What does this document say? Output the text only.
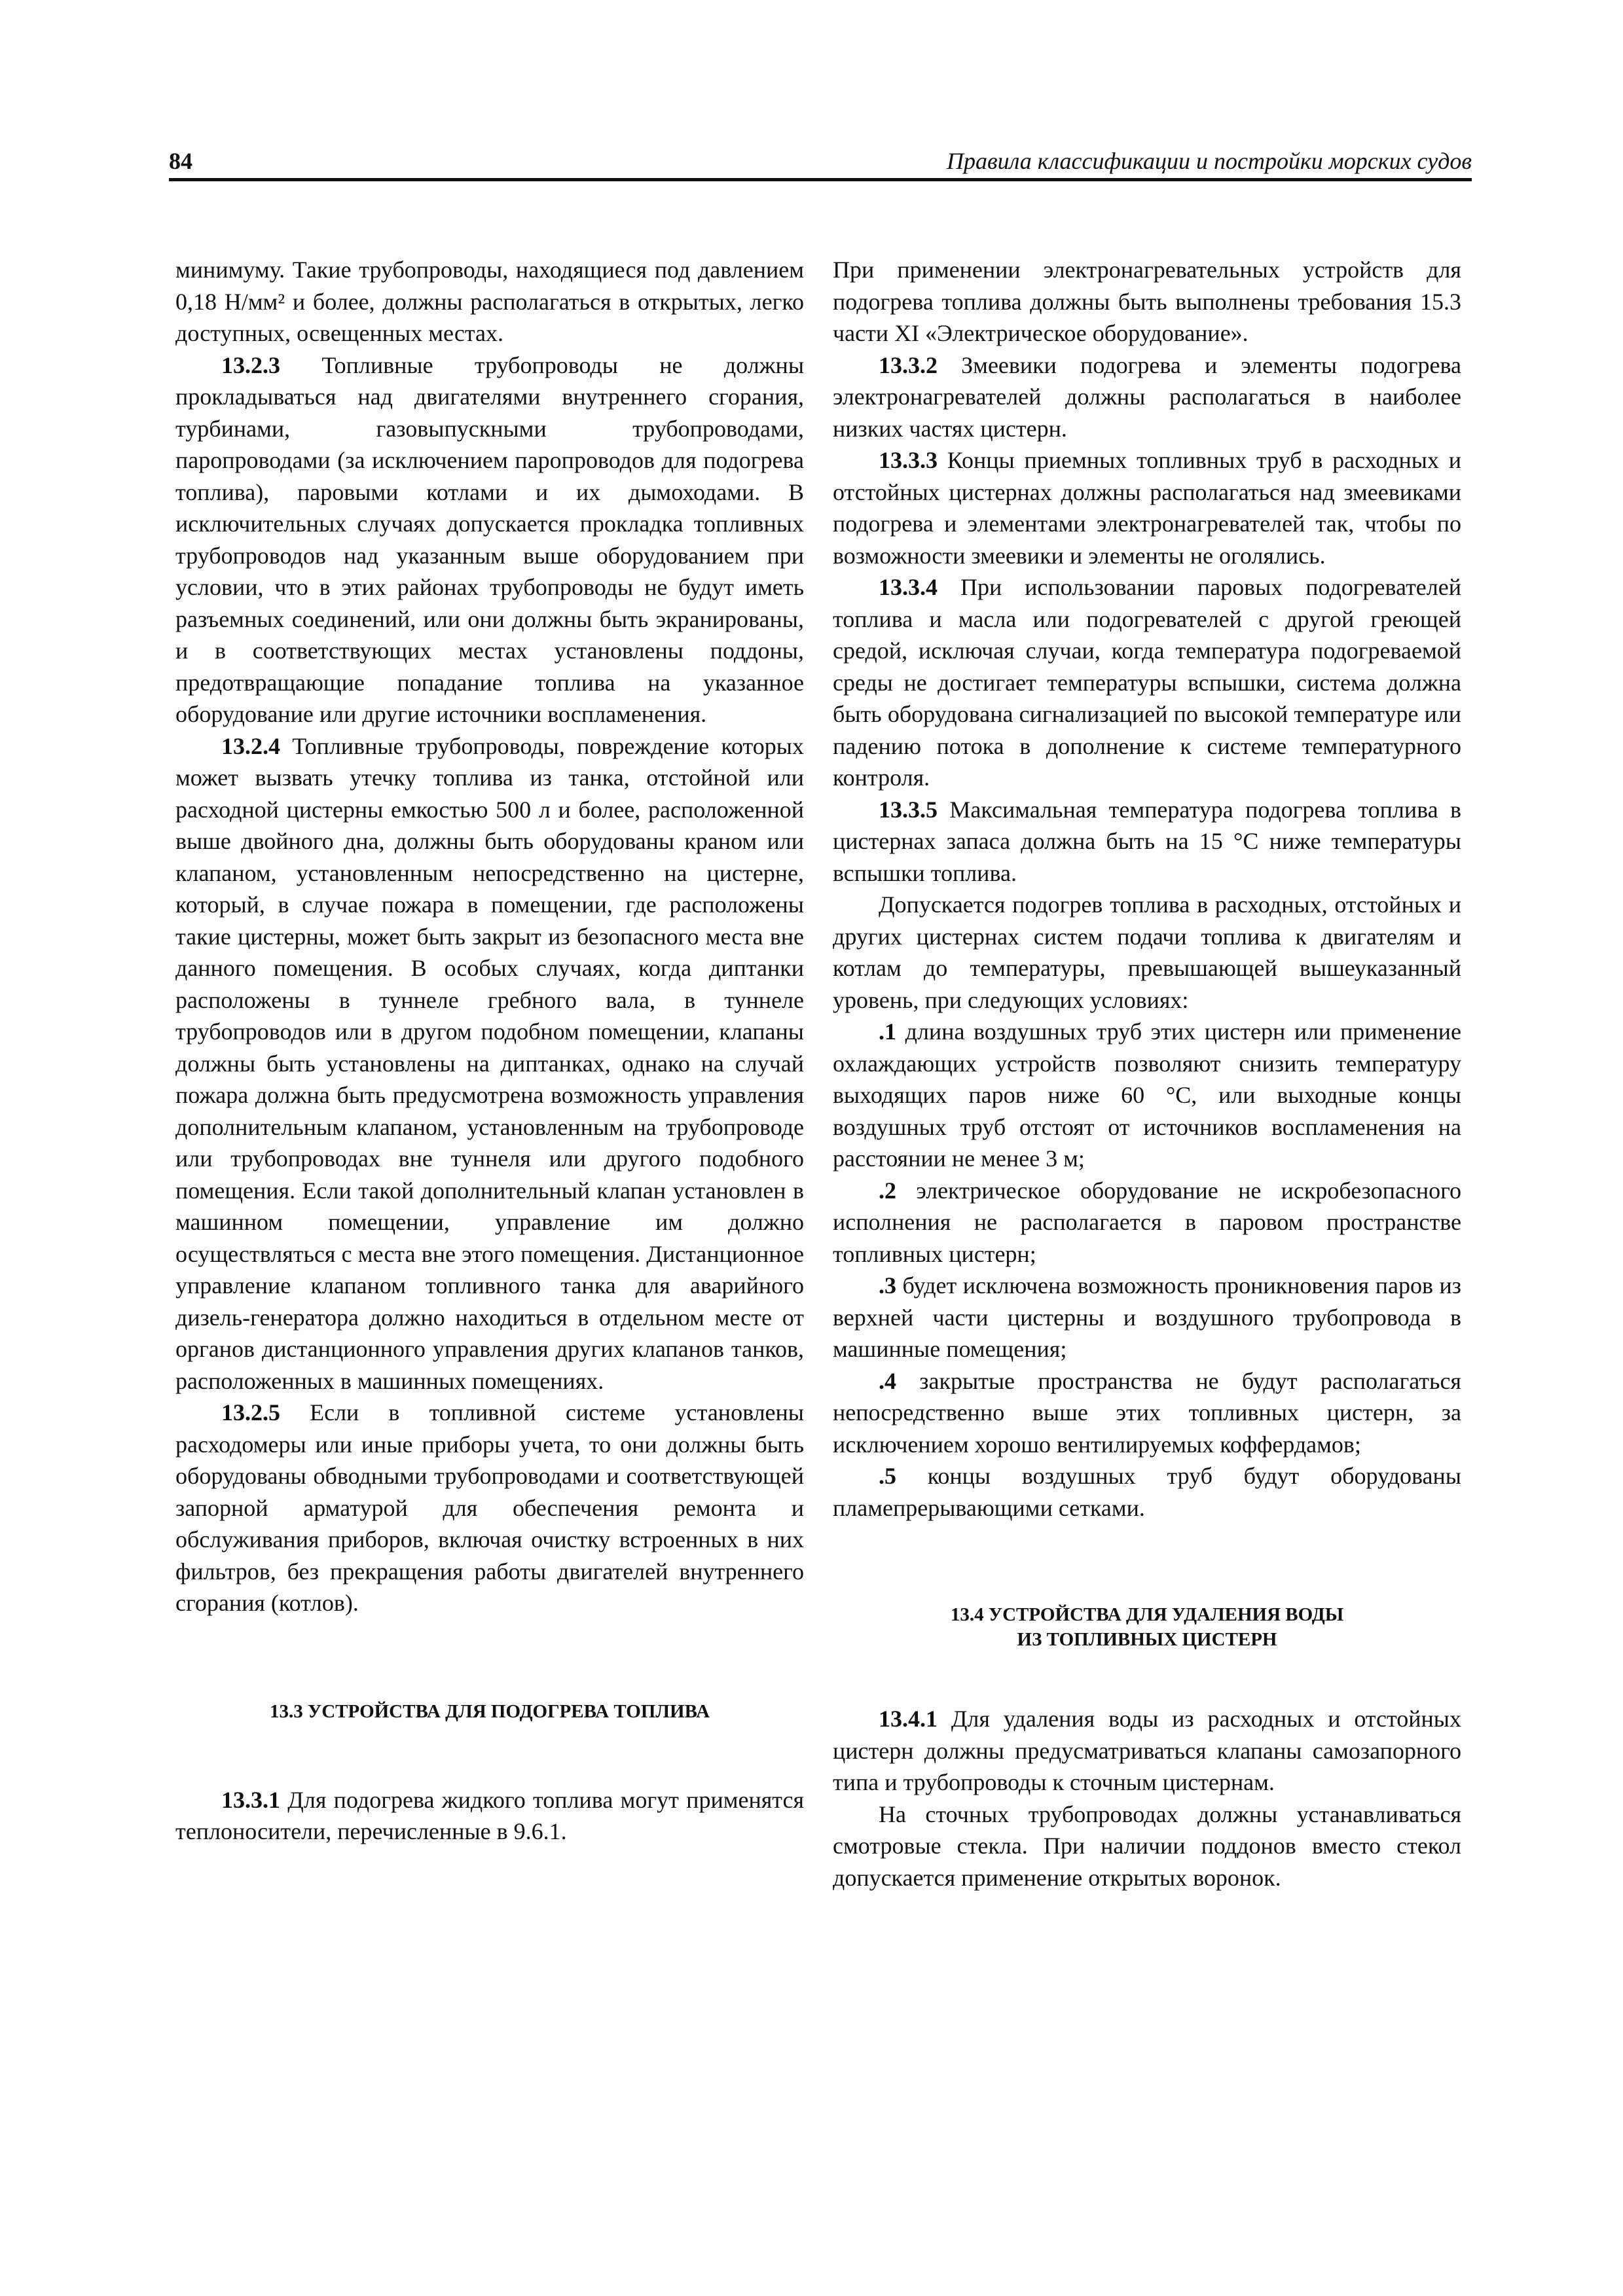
84	Правила классификации и постройки морских судов

минимуму. Такие трубопроводы, находящиеся под давлением 0,18 Н/мм² и более, должны располагаться в открытых, легко доступных, освещенных местах.

13.2.3 Топливные трубопроводы не должны прокладываться над двигателями внутреннего сгорания, турбинами, газовыпускными трубопроводами, паропроводами (за исключением паропроводов для подогрева топлива), паровыми котлами и их дымоходами. В исключительных случаях допускается прокладка топливных трубопроводов над указанным выше оборудованием при условии, что в этих районах трубопроводы не будут иметь разъемных соединений, или они должны быть экранированы, и в соответствующих местах установлены поддоны, предотвращающие попадание топлива на указанное оборудование или другие источники воспламенения.

13.2.4 Топливные трубопроводы, повреждение которых может вызвать утечку топлива из танка, отстойной или расходной цистерны емкостью 500 л и более, расположенной выше двойного дна, должны быть оборудованы краном или клапаном, установленным непосредственно на цистерне, который, в случае пожара в помещении, где расположены такие цистерны, может быть закрыт из безопасного места вне данного помещения. В особых случаях, когда диптанки расположены в туннеле гребного вала, в туннеле трубопроводов или в другом подобном помещении, клапаны должны быть установлены на диптанках, однако на случай пожара должна быть предусмотрена возможность управления дополнительным клапаном, установленным на трубопроводе или трубопроводах вне туннеля или другого подобного помещения. Если такой дополнительный клапан установлен в машинном помещении, управление им должно осуществляться с места вне этого помещения. Дистанционное управление клапаном топливного танка для аварийного дизель-генератора должно находиться в отдельном месте от органов дистанционного управления других клапанов танков, расположенных в машинных помещениях.

13.2.5 Если в топливной системе установлены расходомеры или иные приборы учета, то они должны быть оборудованы обводными трубопроводами и соответствующей запорной арматурой для обеспечения ремонта и обслуживания приборов, включая очистку встроенных в них фильтров, без прекращения работы двигателей внутреннего сгорания (котлов).

13.3 УСТРОЙСТВА ДЛЯ ПОДОГРЕВА ТОПЛИВА

13.3.1 Для подогрева жидкого топлива могут применятся теплоносители, перечисленные в 9.6.1.

При применении электронагревательных устройств для подогрева топлива должны быть выполнены требования 15.3 части XI «Электрическое оборудование».

13.3.2 Змеевики подогрева и элементы подогрева электронагревателей должны располагаться в наиболее низких частях цистерн.

13.3.3 Концы приемных топливных труб в расходных и отстойных цистернах должны располагаться над змеевиками подогрева и элементами электронагревателей так, чтобы по возможности змеевики и элементы не оголялись.

13.3.4 При использовании паровых подогревателей топлива и масла или подогревателей с другой греющей средой, исключая случаи, когда температура подогреваемой среды не достигает температуры вспышки, система должна быть оборудована сигнализацией по высокой температуре или падению потока в дополнение к системе температурного контроля.

13.3.5 Максимальная температура подогрева топлива в цистернах запаса должна быть на 15 °С ниже температуры вспышки топлива.

Допускается подогрев топлива в расходных, отстойных и других цистернах систем подачи топлива к двигателям и котлам до температуры, превышающей вышеуказанный уровень, при следующих условиях:

.1 длина воздушных труб этих цистерн или применение охлаждающих устройств позволяют снизить температуру выходящих паров ниже 60 °С, или выходные концы воздушных труб отстоят от источников воспламенения на расстоянии не менее 3 м;

.2 электрическое оборудование не искробезопасного исполнения не располагается в паровом пространстве топливных цистерн;

.3 будет исключена возможность проникновения паров из верхней части цистерны и воздушного трубопровода в машинные помещения;

.4 закрытые пространства не будут располагаться непосредственно выше этих топливных цистерн, за исключением хорошо вентилируемых коффердамов;

.5 концы воздушных труб будут оборудованы пламепрерывающими сетками.

13.4 УСТРОЙСТВА ДЛЯ УДАЛЕНИЯ ВОДЫ
ИЗ ТОПЛИВНЫХ ЦИСТЕРН

13.4.1 Для удаления воды из расходных и отстойных цистерн должны предусматриваться клапаны самозапорного типа и трубопроводы к сточным цистернам.

На сточных трубопроводах должны устанавливаться смотровые стекла. При наличии поддонов вместо стекол допускается применение открытых воронок.
